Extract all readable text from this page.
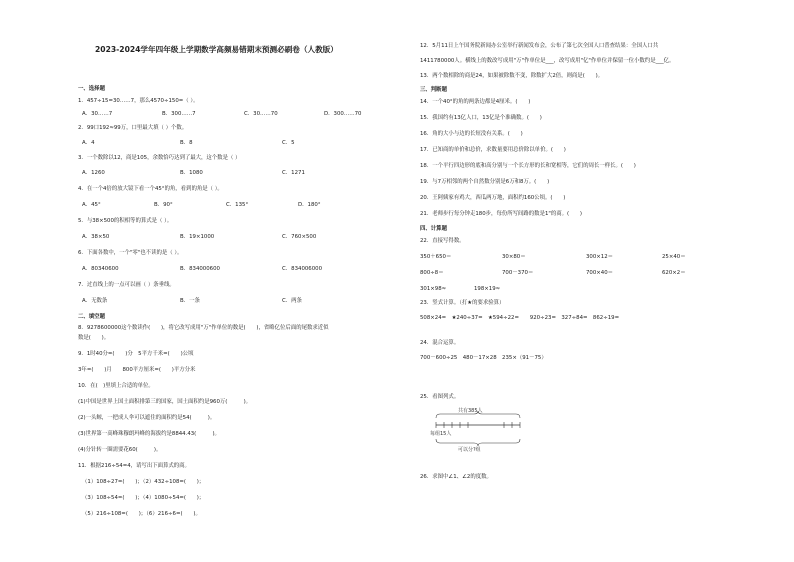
2023-2024学年四年级上学期数学高频易错期末预测必刷卷（人教版）
一、选择题
1．457÷15=30……7，那么4570÷150=（ ）。
A．30……7	B．300……7	C．30……70	D．300……70
2．99口192≈99万，口里最大填（ ）个数。
A．4	B．8	C．5
3．一个数除以12，商是105，余数恰巧达到了最大，这个数是（ ）
A．1260	B．1080	C．1271
4．在一个4倍的放大镜下看一个45°的角，看到的角是（ ）。
A．45°	B．90°	C．135°	D．180°
5．与38×500的积相等的算式是（ ）。
A．38×50	B．19×1000	C．760×500
6．下面各数中，一个"零"也不读的是（ ）。
A．80340600	B．834000600	C．834006000
7．过直线上的一点可以画（ ）条垂线。
A．无数条	B．一条	C．两条
二、填空题
8．9278600000这个数读作(　　)，将它改写成用"万"作单位的数是(　　)，省略亿位后面的尾数求近似
数是(　　)。
9．1时40分=(　　)分　5平方千米=(　　)公顷
3年=(　　)月　　800平方厘米=(　　)平方分米
10．在(　)里填上合适的单位。
(1)中国是世界上国土面积排第三的国家，国土面积约是960万(　　　)。
(2)一头鲸，一把成人伞可以遮住的面积约是54(　　　)。
(3)世界第一高峰珠穆朗玛峰的海拔约是8844.43(　　　)。
(4)分针转一圈需要花60(　　　)。
11．根据216÷54=4，请写出下面算式的商。
（1）108÷27=(　　)；（2）432÷108=(　　)；
（3）108÷54=(　　)；（4）1080÷54=(　　)；
（5）216÷108=(　　)；（6）216÷6=(　　)。
12．5月11日上午国务院新闻办公室举行新闻发布会，公布了第七次全国人口普查结果：全国人口共
1411780000人。横线上的数改写成用"万"作单位是___，改写成用"亿"作单位并保留一位小数约是___亿。
13．两个数相除的商是24，如果被除数不变，除数扩大2倍，则商是(　　)。
三、判断题
14．一个40°的角的两条边都是4厘米。(　　)
15．我国约有13亿人口，13亿是个准确数。(　　)
16．角的大小与边的长短没有关系。(　　)
17．已知商的单价和总价，求数量要用总价除以单价。(　　)
18．一个平行四边形的底和高分别与一个长方形的长和宽相等，它们的周长一样长。(　　)
19．与7万相邻的两个自然数分别是6万和8万。(　　)
20．王阿姨家有鸡大，西瓜两万地，面积约160公顷。(　　)
21．老师步行每分钟走180步，每份所写间路的数是1"的商。(　　)
四、计算题
22．直接写得数。
350＋650＝	30×80＝	300×12＝	25×40＝
800÷8＝	700－370＝	700×40＝	620×2＝
301×98≈	198×19≈
23．竖式计算。（打★的要求验算）
508×24=　★240÷37=　★594÷22=　　920÷23=　327÷84=　862÷19=
24．混合运算。
700－600÷25　480－17×28　235×（91－75）
25．看图列式。
共有385人
每组15人
可以分?组
26．求图中∠1、∠2的度数。
